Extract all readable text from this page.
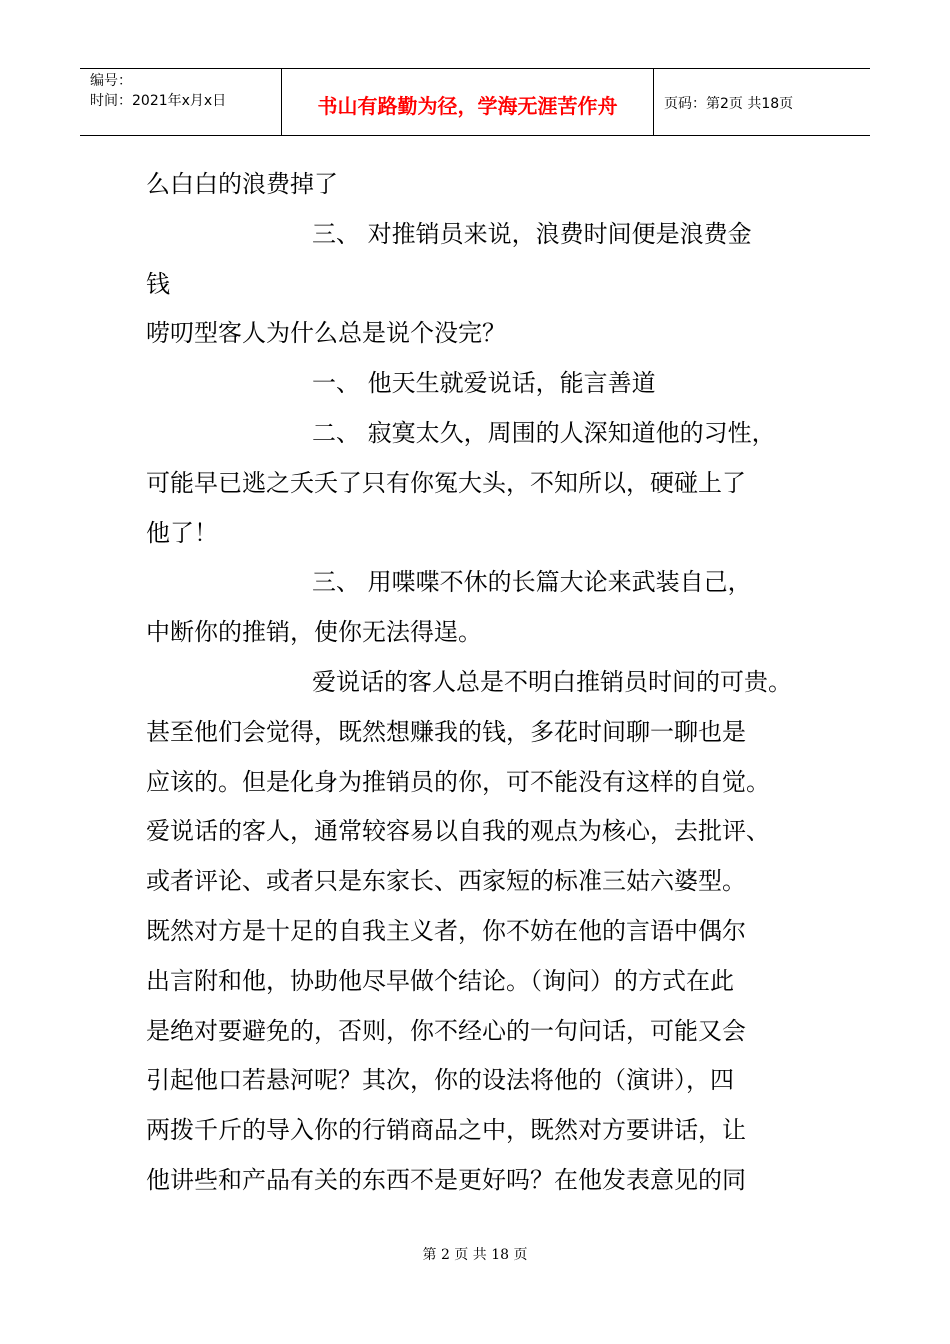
编号：
时间：2021年x月x日	书山有路勤为径，学海无涯苦作舟	页码：第2页 共18页
么白白的浪费掉了
三、 对推销员来说，浪费时间便是浪费金
钱
唠叨型客人为什么总是说个没完？
一、 他天生就爱说话，能言善道
二、 寂寞太久，周围的人深知道他的习性，
可能早已逃之夭夭了只有你冤大头，不知所以，硬碰上了
他了！
三、 用喋喋不休的长篇大论来武装自己，
中断你的推销，使你无法得逞。
爱说话的客人总是不明白推销员时间的可贵。
甚至他们会觉得，既然想赚我的钱，多花时间聊一聊也是
应该的。但是化身为推销员的你，可不能没有这样的自觉。
爱说话的客人，通常较容易以自我的观点为核心，去批评、
或者评论、或者只是东家长、西家短的标准三姑六婆型。
既然对方是十足的自我主义者，你不妨在他的言语中偶尔
出言附和他，协助他尽早做个结论。（询问）的方式在此
是绝对要避免的，否则，你不经心的一句问话，可能又会
引起他口若悬河呢？其次，你的设法将他的（演讲），四
两拨千斤的导入你的行销商品之中，既然对方要讲话，让
他讲些和产品有关的东西不是更好吗？在他发表意见的同
第 2 页 共 18 页
